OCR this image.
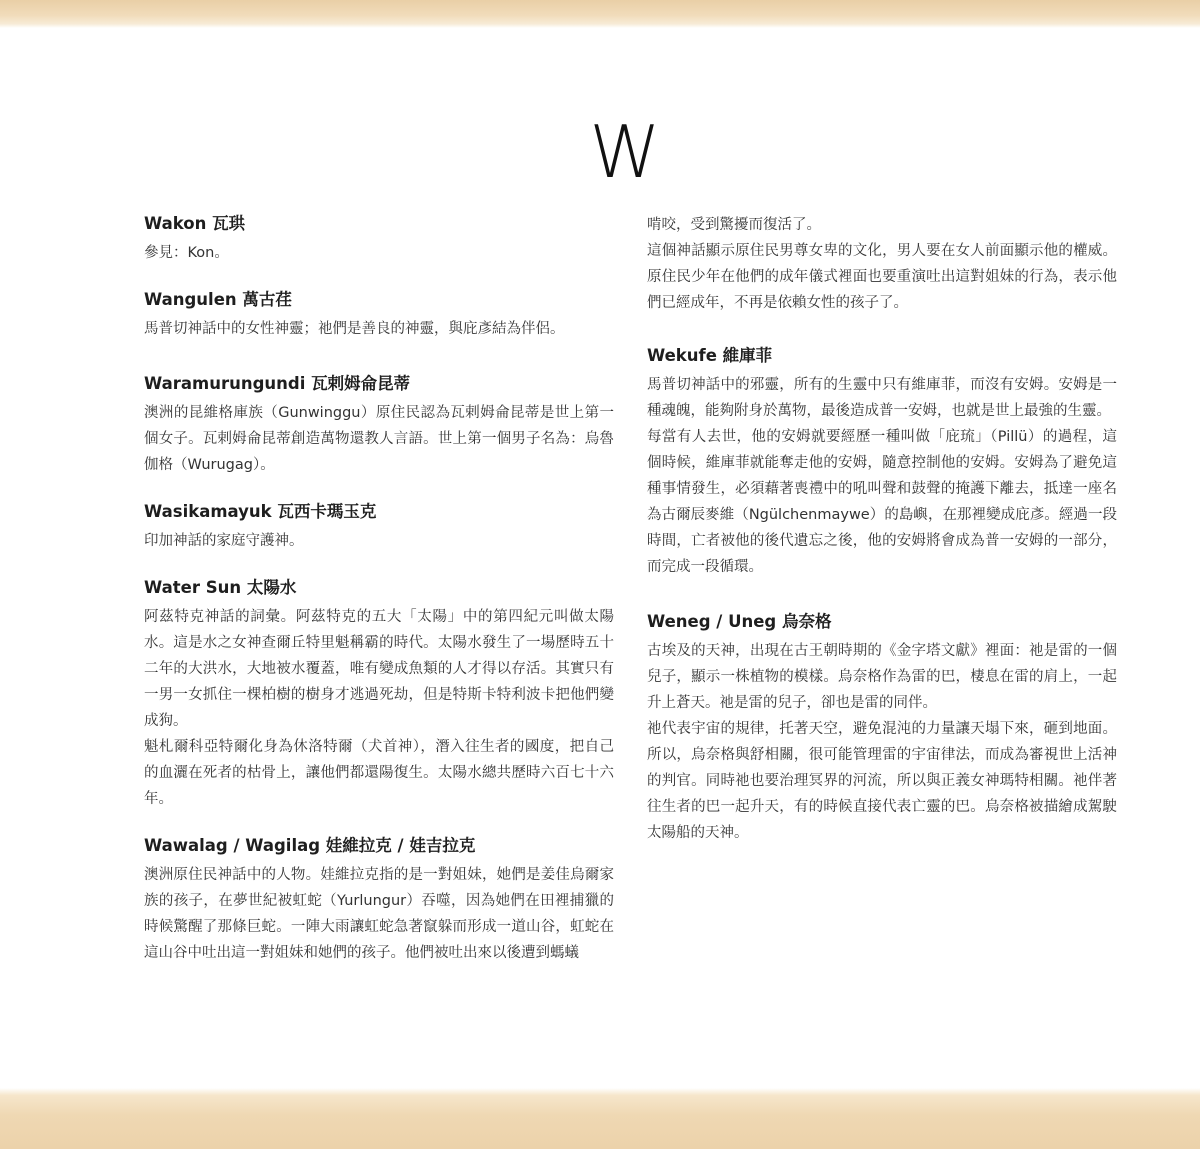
W
Wakon 瓦珙

參見：Kon。

Wangulen 萬古荏

馬普切神話中的女性神靈；祂們是善良的神靈，與庇彥結為伴侶。

Waramurungundi 瓦剌姆侖昆蒂

澳洲的昆維格庫族（Gunwinggu）原住民認為瓦剌姆侖昆蒂是世上第一個女子。瓦剌姆侖昆蒂創造萬物還教人言語。世上第一個男子名為：烏魯伽格（Wurugag）。

Wasikamayuk 瓦西卡瑪玉克

印加神話的家庭守護神。

Water Sun 太陽水

阿茲特克神話的詞彙。阿茲特克的五大「太陽」中的第四紀元叫做太陽水。這是水之女神查爾丘特里魁稱霸的時代。太陽水發生了一場歷時五十二年的大洪水，大地被水覆蓋，唯有變成魚類的人才得以存活。其實只有一男一女抓住一棵柏樹的樹身才逃過死劫，但是特斯卡特利波卡把他們變成狗。

魁札爾科亞特爾化身為休洛特爾（犬首神），潛入往生者的國度，把自己的血灑在死者的枯骨上，讓他們都還陽復生。太陽水總共歷時六百七十六年。

Wawalag / Wagilag 娃維拉克 / 娃吉拉克

澳洲原住民神話中的人物。娃維拉克指的是一對姐妹，她們是姜佳烏爾家族的孩子，在夢世紀被虹蛇（Yurlungur）吞噬，因為她們在田裡捕獵的時候驚醒了那條巨蛇。一陣大雨讓虹蛇急著竄躲而形成一道山谷，虹蛇在這山谷中吐出這一對姐妹和她們的孩子。他們被吐出來以後遭到螞蟻

啃咬，受到驚擾而復活了。

這個神話顯示原住民男尊女卑的文化，男人要在女人前面顯示他的權威。原住民少年在他們的成年儀式裡面也要重演吐出這對姐妹的行為，表示他們已經成年，不再是依賴女性的孩子了。

Wekufe 維庫菲

馬普切神話中的邪靈，所有的生靈中只有維庫菲，而沒有安姆。安姆是一種魂魄，能夠附身於萬物，最後造成普一安姆，也就是世上最強的生靈。

每當有人去世，他的安姆就要經歷一種叫做「庇琉」（Pillü）的過程，這個時候，維庫菲就能奪走他的安姆，隨意控制他的安姆。安姆為了避免這種事情發生，必須藉著喪禮中的吼叫聲和鼓聲的掩護下離去，抵達一座名為古爾辰麥維（Ngülchenmaywe）的島嶼，在那裡變成庇彥。經過一段時間，亡者被他的後代遺忘之後，他的安姆將會成為普一安姆的一部分，而完成一段循環。

Weneg / Uneg 烏奈格

古埃及的天神，出現在古王朝時期的《金字塔文獻》裡面：祂是雷的一個兒子，顯示一株植物的模樣。烏奈格作為雷的巴，棲息在雷的肩上，一起升上蒼天。祂是雷的兒子，卻也是雷的同伴。

祂代表宇宙的規律，托著天空，避免混沌的力量讓天塌下來，砸到地面。所以，烏奈格與舒相關，很可能管理雷的宇宙律法，而成為審視世上活神的判官。同時祂也要治理冥界的河流，所以與正義女神瑪特相關。祂伴著往生者的巴一起升天，有的時候直接代表亡靈的巴。烏奈格被描繪成駕駛太陽船的天神。
